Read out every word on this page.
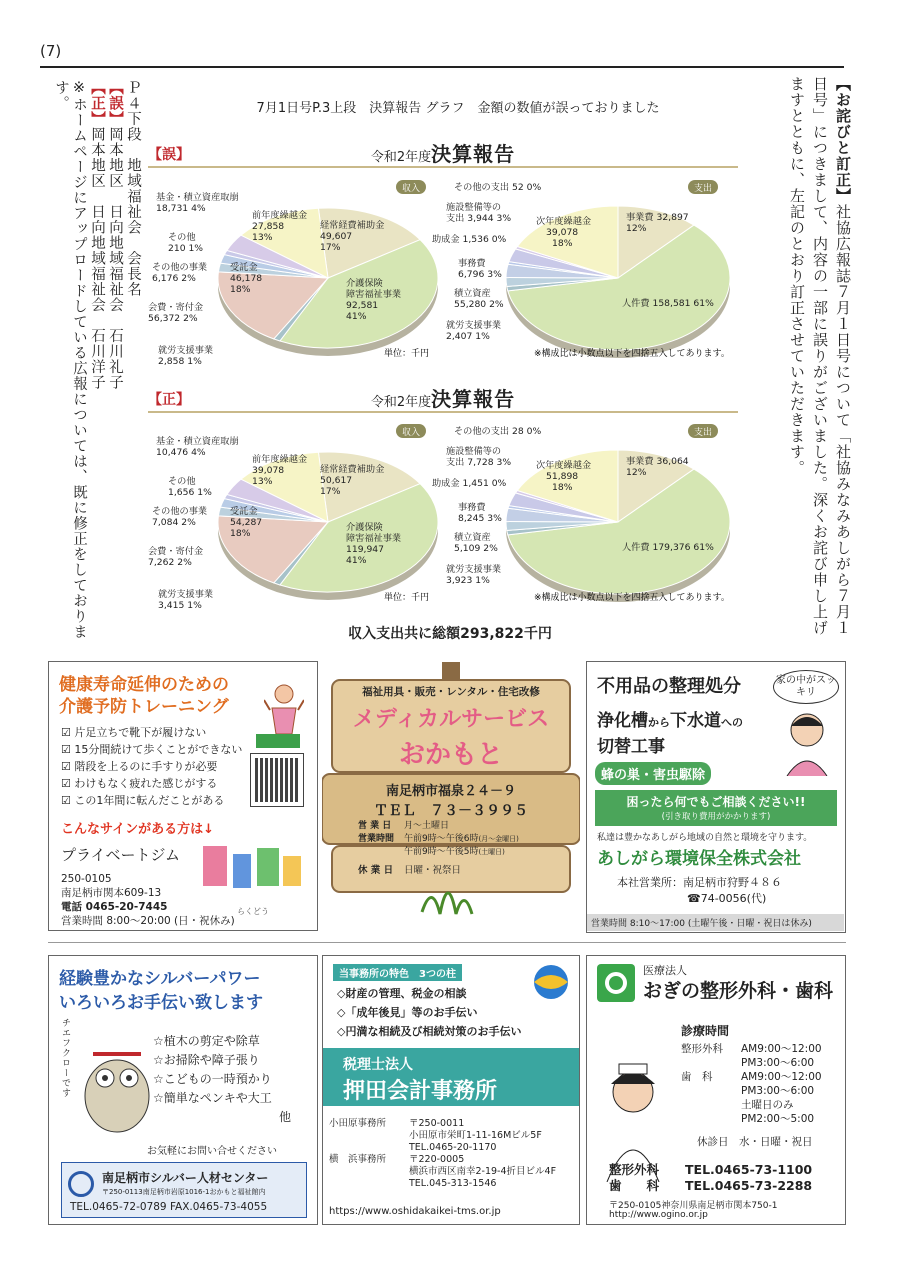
(7)
【お詫びと訂正】社協広報誌７月１日号について「社協みなみあしがら７月１日号」につきまして、内容の一部に誤りがございました。深くお詫び申し上げますとともに、左記のとおり訂正させていただきます。
Ｐ４下段　地域福祉会　会長名
【誤】岡本地区　日向地域福祉会　石川礼子
【正】岡本地区　日向地域福祉会　石川洋子
※ホームページにアップロードしている広報については、既に修正をしております。	7月1日号P.3上段　決算報告 グラフ　金額の数値が誤っておりました
【誤】	令和2年度決算報告
収入	支出
経常経費補助金
49,607
17%
介護保険
障害福祉事業
92,581
41%
就労支援事業
2,858 1%
受託金
46,178
18%
会費・寄付金
56,372 2%
その他の事業
6,176 2%
その他
210 1%
基金・積立資産取崩
18,731 4%
前年度繰越金
27,858
13%
事業費 32,897
12%
人件費 158,581 61%
就労支援事業
2,407 1%
積立資産
55,280 2%
事務費
6,796 3%
助成金 1,536 0%
施設整備等の
支出 3,944 3%
その他の支出 52 0%
次年度繰越金
39,078
18%
単位：千円	※構成比は小数点以下を四捨五入してあります。
【正】	令和2年度決算報告
収入	支出
経常経費補助金
50,617
17%
介護保険
障害福祉事業
119,947
41%
就労支援事業
3,415 1%
受託金
54,287
18%
会費・寄付金
7,262 2%
その他の事業
7,084 2%
その他
1,656 1%
基金・積立資産取崩
10,476 4%
前年度繰越金
39,078
13%
事業費 36,064
12%
人件費 179,376 61%
就労支援事業
3,923 1%
積立資産
5,109 2%
事務費
8,245 3%
助成金 1,451 0%
施設整備等の
支出 7,728 3%
その他の支出 28 0%
次年度繰越金
51,898
18%
単位：千円	※構成比は小数点以下を四捨五入してあります。
収入支出共に総額293,822千円
健康寿命延伸のための
介護予防トレーニング
☑ 片足立ちで靴下が履けない
☑ 15分間続けて歩くことができない
☑ 階段を上るのに手すりが必要
☑ わけもなく疲れた感じがする
☑ この1年間に転んだことがある
こんなサインがある方は↓
プライベートジム
250-0105
南足柄市関本609-13
電話 0465-20-7445
営業時間 8:00～20:00 (日・祝休み)
らくどう
福祉用具・販売・レンタル・住宅改修
メディカルサービス
おかもと
南足柄市福泉２４－９
ＴＥＬ　７３－３９９５
営 業 日 月～土曜日
営業時間 午前9時～午後6時(月～金曜日)
午前9時～午後5時(土曜日)
休 業 日 日曜・祝祭日
不用品の整理処分	家の中がスッキリ
浄化槽から下水道への
切替工事
蜂の巣・害虫駆除
困ったら何でもご相談ください!!
(引き取り費用がかかります)
私達は豊かなあしがら地域の自然と環境を守ります。
あしがら環境保全株式会社
本社営業所：南足柄市狩野４８６
☎74-0056(代)
営業時間 8:10～17:00 (土曜午後・日曜・祝日は休み)
経験豊かなシルバーパワー
いろいろお手伝い致します
チエフクローです	☆植木の剪定や除草
☆お掃除や障子張り
☆こどもの一時預かり
☆簡単なペンキや大工
他
お気軽にお問い合せください
南足柄市シルバー人材センター
〒250-0113南足柄市岩原1016-1おかもと福祉館内
TEL.0465-72-0789 FAX.0465-73-4055
当事務所の特色　3つの柱
◇財産の管理、税金の相談
◇「成年後見」等のお手伝い
◇円満な相続及び相続対策のお手伝い
税理士法人
押田会計事務所
小田原事務所 〒250-0011
小田原市栄町1-11-16Mビル5F
TEL.0465-20-1170
横　浜事務所 〒220-0005
横浜市西区南幸2-19-4折目ビル4F
TEL.045-313-1546
https://www.oshidakaikei-tms.or.jp
医療法人
おぎの整形外科・歯科
診療時間
整形外科 AM9:00～12:00
PM3:00～6:00
歯　科	AM9:00～12:00
PM3:00～6:00
土曜日のみ
PM2:00～5:00
休診日　水・日曜・祝日
整形外科 TEL.0465-73-1100
歯　　科 TEL.0465-73-2288
〒250-0105神奈川県南足柄市関本750-1
http://www.ogino.or.jp
